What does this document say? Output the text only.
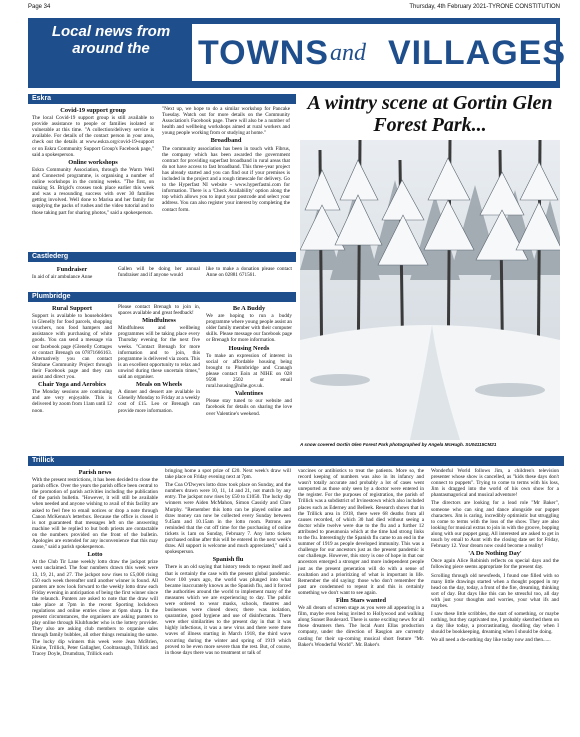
Page 34	Thursday, 4th February 2021-TYRONE CONSTITUTION
Local news from
around the	TOWNS and VILLAGES
Eskra
Covid-19 support group

The local Covid-19 support group is still available to provide assistance to people or families isolated or vulnerable at this time. "A collection/delivery service is available. For details of the contact person in your area, check out the details at www.eskra.org/covid-19-support or on Eskra Community Support Group's Facebook page," said a spokesperson.

Online workshops

Eskra Community Association, through the Warm Well and Connected programme, is organising a number of online workshops in the coming weeks. "The first, on making St. Brigid's crosses took place earlier this week and was a resounding success with over 30 families getting involved. Well done to Marisa and her family for supplying the packs of rushes and the video tutorial and to those taking part for sharing photos," said a spokesperson.

"Next up, we hope to do a similar workshop for Pancake Tuesday. Watch out for more details on the Community Association's Facebook page. There will also be a number of health and wellbeing workshops aimed at rural workers and young people working from or studying at home."

Broadband

The community association has been in touch with Fibrus, the company which has been awarded the government contract for providing superfast broadband in rural areas that do not have access to fast broadband. This three-year project has already started and you can find out if your premises is included in the project and a rough timescale for delivery. Go to the Hyperfast NI website - www.hyperfastni.com for information. There is a 'Check Availability' option along the top which allows you to input your postcode and select your address. You can also register your interest by completing the contact form.

A wintry scene at Gortin Glen Forest Park...
A snow covered Gortin Glen Forest Park photographed by Angela McHugh. SU04115CM21
Castlederg
Fundraiser

In aid of air ambulance Anne

Gallen will be doing her annual fundraiser and if anyone would

like to make a donation please contact Anne on 02881 671561.

Plumbridge
Rural Support

Support is available to householders in Glenelly for food parcels, shopping vouchers, non food hampers and assistance with purchasing of white goods. You can send a message via our facebook page (Glenelly Cottages or contact Brenagh on 07871666163. Alternatively you can contact Strabane Community Project through their Facebook page and they can assist and direct you.

Chair Yoga and Aerobics

The Monday sessions are continuing and are very enjoyable. This is delivered by zoom from 11am until 12 noon.

Please contact Brenagh to join in, spaces available and great feedback!

Mindfulness

Mindfulness and wellbeing programmes will be taking place every Thursday evening for the next five weeks. "Contact Brenagh for more information and to join, this programme is delivered via zoom. This is an excellent opportunity to relax and unwind during these uncertain times," said an organiser.

Meals on Wheels

A dinner and dessert are available in Glenelly Monday to Friday at a weekly cost of £15. Leo or Brenagh can provide more information.

Be A Buddy

We are hoping to run a buddy programme where young people assist an older family member with their computer skills. Please message our facebook page or Brenagh for more information.

Housing Needs

To make an expression of interest in social or affordable housing being brought to Plumbridge and Cranagh please contact Eoin at NIHE on 028 9598 2502 or email rural.housing@nihe.gov.uk.

Valentines

Please stay tuned to our website and facebook for details on sharing the love over Valentine's weekend.

Trillick
Parish news

With the present restrictions, it has been decided to close the parish office. Over the years the parish office been central to the promotion of parish activities including the publication of the parish bulletin. "However, it will still be available when needed and anyone wishing to avail of this facility are asked to feel free to email notices or drop a note through Canon McKenna's letterbox. Because the office is closed it is not guaranteed that messages left on the answering machine will be replied to but both priests are contactable on the numbers provided on the front of the bulletin. Apologies are extended for any inconvenience that this may cause," said a parish spokesperson.

Lotto

At the Club Tir Lane weekly lotto draw the jackpot prize went unclaimed. The four numbers drawn this week were 13, 19, 21, and 27. The jackpot now rises to £5,000 rising £50 each week thereafter until another winner is found. All punters are now look forward to the weekly lotto draw each Friday evening in anticipation of being the first winner since the relaunch. Punters are asked to note that the draw will take place at 7pm in the recent Sporting lockdown regulations and online entries close at 6pm sharp. In the present circumstances, the organisers are asking punters to play online through Klubfunder who is the lottery provider. They also are asking club members to organise sales through family bubbles, all other things remaining the same. The lucky dip winners this week were Jean McBrien, Kinine, Trillick, Peter Gallagher, Cooltrasnagh, Trillick and Tracey Doyle, Drumdran, Trillick each

bringing home a spot prize of £20. Next week's draw will take place on Friday evening next at 7pm.

The Coa O'Dwyers lotto draw took place on Sunday, and the numbers drawn were 10, 11, 14 and 21, not match by any entry. The jackpot now rises by £50 to £1050. The lucky dip winners were Aiden McMahon, Simon Cassidy and Clare Murphy. "Remember this lotto can be played online and draw money can now be collected every Sunday between 9.45am and 10.15am in the lotto room. Patrons are reminded that the cut off time for the purchasing of online tickets is 1am on Sunday, February 7. Any lotto tickets purchased online after this will be entered in the next week's draw. All support is welcome and much appreciated," said a spokesperson.

Spanish flu

There is an old saying that history tends to repeat itself and that is certainly the case with the present global pandemic. Over 100 years ago, the world was plunged into what became inaccurately known as the Spanish flu, and it forced the authorities around the world to implement many of the measures which we are experiencing to day. The public were ordered to wear masks, schools, theatres and businesses were closed down; there was isolation, quarantine, good hygiene and use of disinfectants. There were other similarities to the present day in that it was highly infectious, it was a new virus and there were three waves of illness starting in March 1918, the third wave occurring during the winter and spring of 1919 which proved to be even more severe than the rest. But, of course, in those days there was no treatment or talk of

vaccines or antibiotics to treat the patients. More so, the record keeping of numbers was also in its infancy and wasn't totally accurate and probably a lot of cases went unreported as those only seen by a doctor were entered in the register. For the purposes of registration, the parish of Trillick was a subdistrict of Irvinestown which also included places such as Ederney and Belleek. Research shows that in the Trillick area in 1918, there were 68 deaths from all causes recorded, of which 30 had died without seeing a doctor while twelve were due to the flu and a further 12 attributed to pneumonia which at the time had strong links to the flu. Interestingly the Spanish flu came to an end in the summer of 1919 as people developed immunity. This was a challenge for our ancestors just as the present pandemic is our challenge. However, this story is one of hope in that our ancestors emerged a stronger and more independent people just as the present generation will do with a sense of exultation and a prioritizing of what is important in life. Remember the old saying: those who don't remember the past are condemned to repeat it and this is certainly something we don't want to see again.

Film Stars wanted

We all dream of screen stage as you were all appearing in a film, maybe even being invited to Hollywood and walking along Sunset Boulevard. There is some exciting news for all those dreamers then. The local Aunt Ellas production company, under the direction of Rasgion are currently casting for their up-coming musical short feature "Mr. Baker's Wonderful World". Mr. Baker's

Wonderful World follows Jim, a children's television presenter whose show is cancelled, as "kids these days don't connect to puppets". Trying to come to terms with his loss, Jim is dragged into the world of his own show for a phantasmagorical and musical adventure!

The directors are looking for a lead role "Mr Baker", someone who can sing and dance alongside our puppet characters. Jim is caring, incredibly optimistic but struggling to come to terms with the loss of the show. They are also looking for musical extras to join in with the groove, bopping along with our puppet gang. All interested are asked to get in touch by email to Aunt with the closing date set for Friday, February 12. Your dream now could become a reality!

'A Do Nothing Day'

Once again Alice Robinish reflects on special days and the following piece seems appropriate for the present day.

Scrolling through old newsfeeds, I found one filled with so many little drawings started when a thought popped in my head on the day, today, a front of the fire, dreaming, thinking sort of day. But days like this can be stressful too, all day with just your thoughts and worries, your what ifs and maybes.

I saw these little scribbles, the start of something, or maybe nothing, but they captivated me, I probably sketched them on a day like today, a procrastinating, doodling day when I should be bookkeeping, dreaming when I should be doing.

We all need a do-nothing day like today now and then......
